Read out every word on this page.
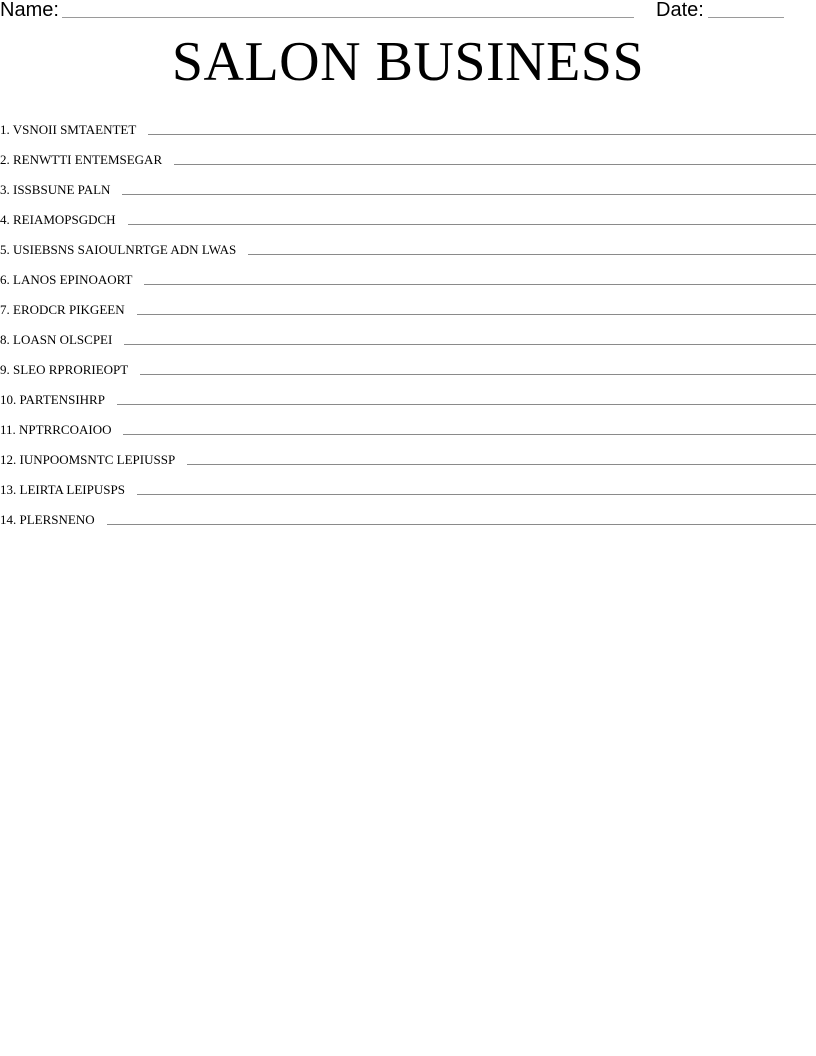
Name:	Date:
SALON BUSINESS
1. VSNOII SMTAENTET
2. RENWTTI ENTEMSEGAR
3. ISSBSUNE PALN
4. REIAMOPSGDCH
5. USIEBSNS SAIOULNRTGE ADN LWAS
6. LANOS EPINOAORT
7. ERODCR PIKGEEN
8. LOASN OLSCPEI
9. SLEO RPRORIEOPT
10. PARTENSIHRP
11. NPTRRCOAIOO
12. IUNPOOMSNTC LEPIUSSP
13. LEIRTA LEIPUSPS
14. PLERSNENO
